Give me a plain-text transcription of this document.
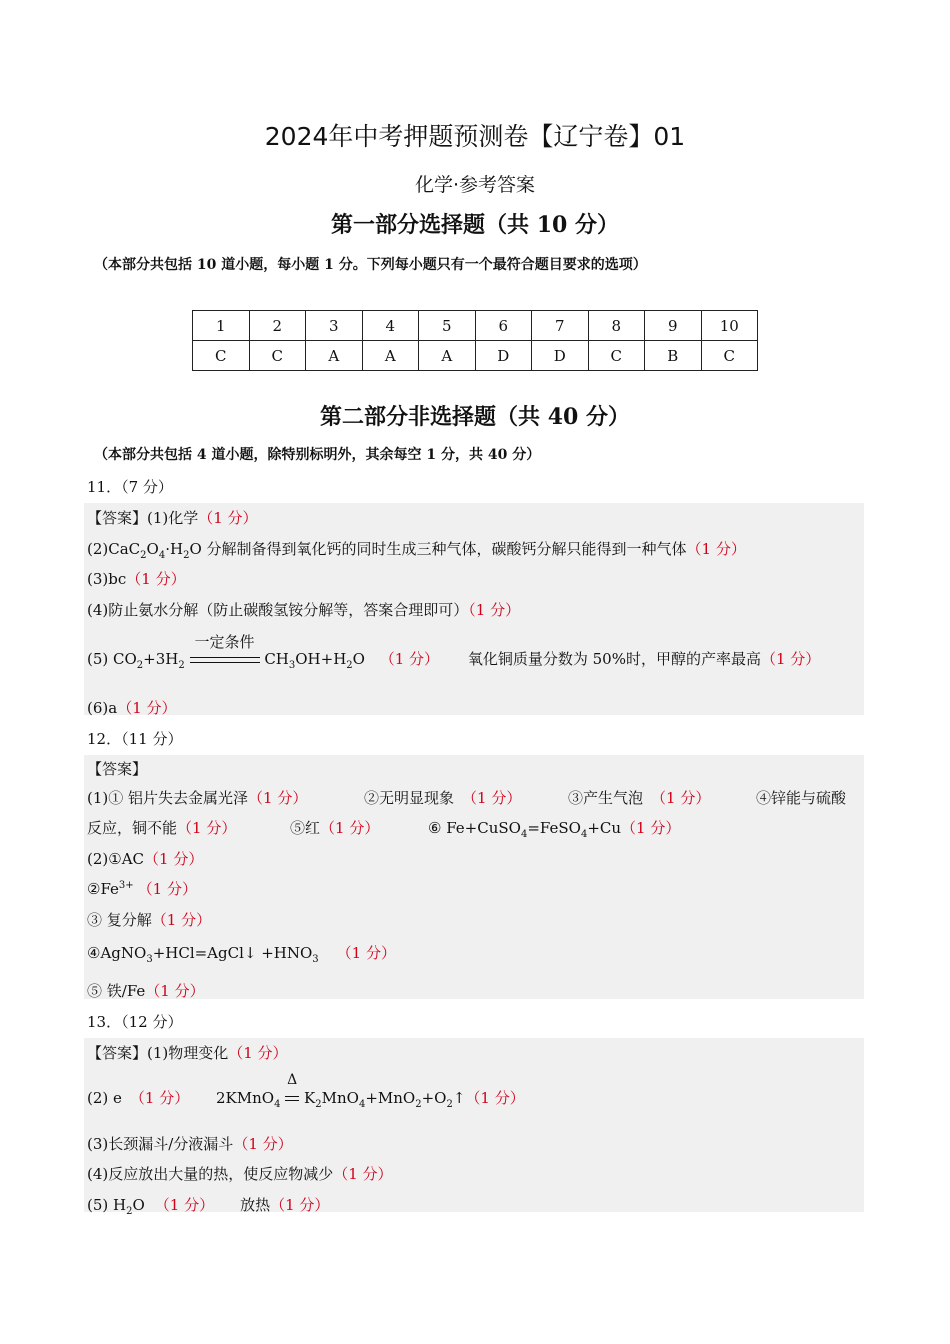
2024年中考押题预测卷【辽宁卷】01
化学·参考答案
第一部分选择题（共 10 分）
（本部分共包括 10 道小题，每小题 1 分。下列每小题只有一个最符合题目要求的选项）
1	2	3	4	5	6	7	8	9	10
C	C	A	A	A	D	D	C	B	C
第二部分非选择题（共 40 分）
（本部分共包括 4 道小题，除特别标明外，其余每空 1 分，共 40 分）
11．（7 分）
【答案】(1)化学（1 分）
$(2)CaC_2O_4\cdot H_2O$ 分解制备得到氧化钙的同时生成三种气体，碳酸钙分解只能得到一种气体（1 分）
(3)bc（1 分）
(4)防止氨水分解（防止碳酸氢铵分解等，答案合理即可）（1 分）
(5) $CO_2+3H_2$
一定条件
$CH_3OH+H_2O$ （1 分） 氧化铜质量分数为 50%时，甲醇的产率最高（1 分）
(6)a（1 分）
12．（11 分）
【答案】
(1)① 铝片失去金属光泽（1 分）	②无明显现象 （1 分）	③产生气泡 （1 分）	④锌能与硫酸
反应，铜不能（1 分）	⑤红（1 分）	⑥ Fe+CuSO$_4$=FeSO$_4$+Cu（1 分）
(2)①AC（1 分）
$②Fe^{3+}$ （1 分）
③ 复分解（1 分）
④AgNO$_3$+HCl=AgCl↓ $+HNO_3$ （1 分）
⑤ 铁/Fe（1 分）
13．（12 分）
【答案】(1)物理变化（1 分）
(2) e （1 分） 2KMnO$_4$
Δ
$K_2MnO_4+MnO_2+O_2↑(1$ 分）
(3)长颈漏斗/分液漏斗（1 分）
(4)反应放出大量的热，使反应物减少（1 分）
(5) $H_2O$ （1 分） 放热（1 分）
